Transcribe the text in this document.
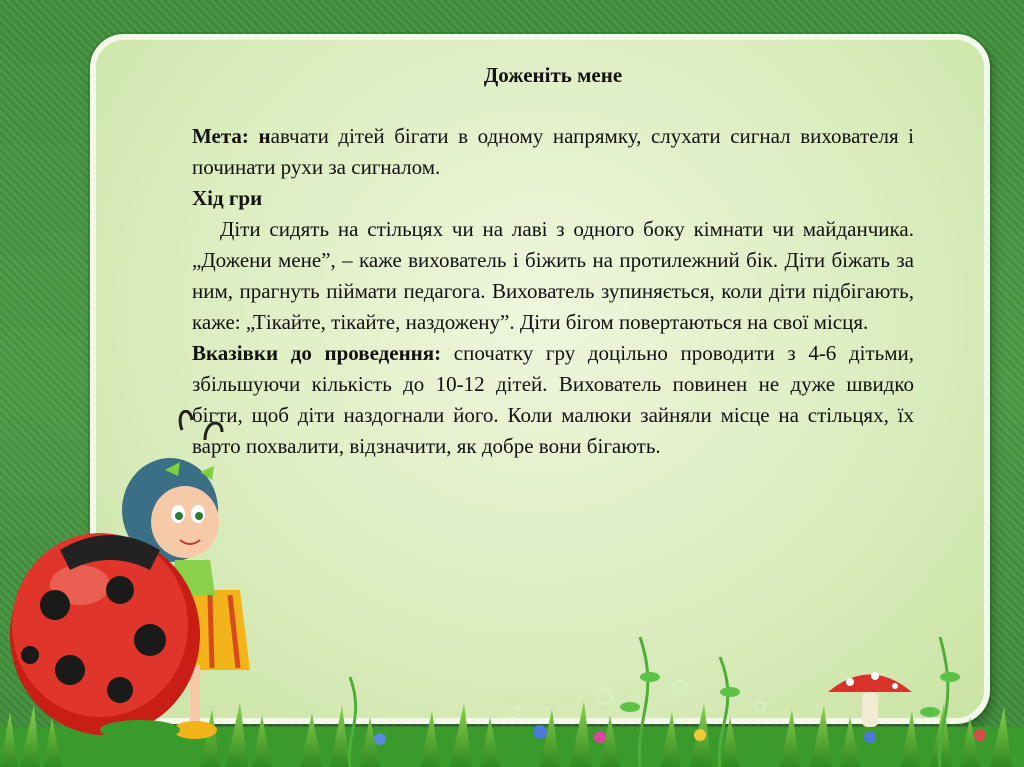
Доженіть мене

Мета: навчати дітей бігати в одному напрямку, слухати сигнал вихователя і починати рухи за сигналом.

Хід гри

Діти сидять на стільцях чи на лаві з одного боку кімнати чи майданчика. „Дожени мене”, – каже вихователь і біжить на протилежний бік. Діти біжать за ним, прагнуть піймати педагога. Вихователь зупиняється, коли діти підбігають, каже: „Тікайте, тікайте, наздожену”. Діти бігом повертаються на свої місця.

Вказівки до проведення: спочатку гру доцільно проводити з 4-6 дітьми, збільшуючи кількість до 10-12 дітей. Вихователь повинен не дуже швидко бігти, щоб діти наздогнали його. Коли малюки зайняли місце на стільцях, їх варто похвалити, відзначити, як добре вони бігають.
